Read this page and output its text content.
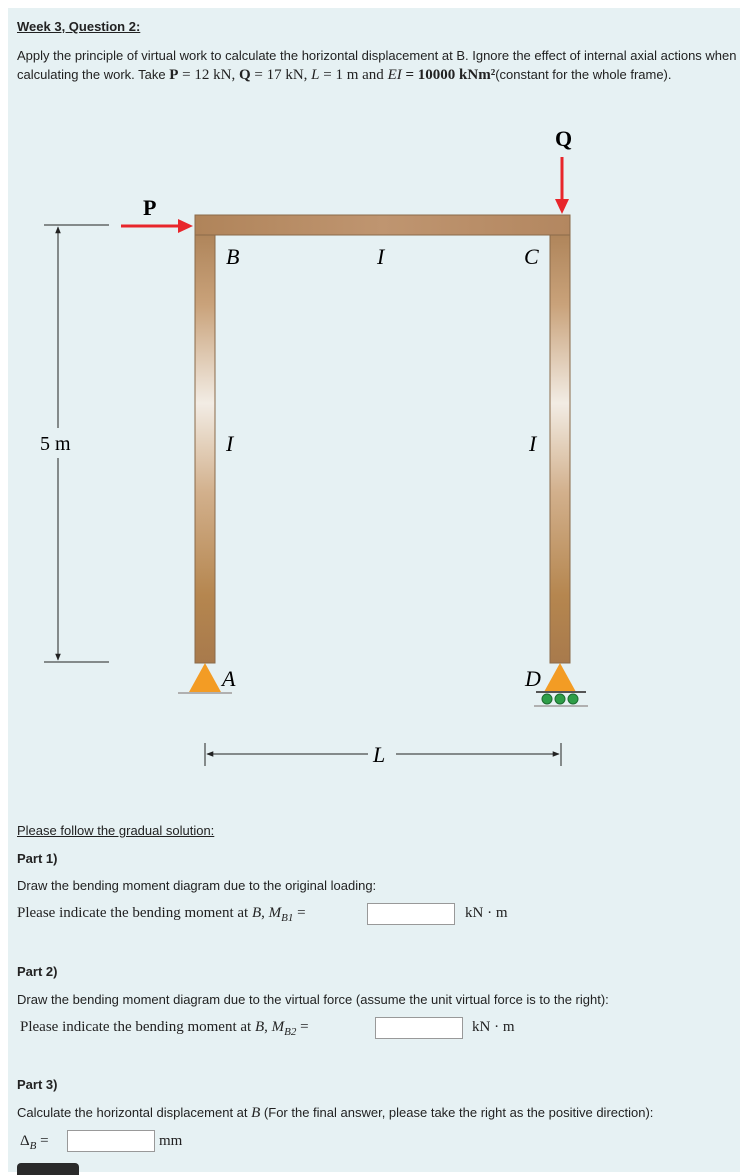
Week 3, Question 2:
Apply the principle of virtual work to calculate the horizontal displacement at B. Ignore the effect of internal axial actions when calculating the work. Take P = 12 kN, Q = 17 kN, L = 1 m and EI = 10000 kNm²(constant for the whole frame).
P
Q
B	I	C
I	I
A	D
5 m
L
Please follow the gradual solution:
Part 1)
Draw the bending moment diagram due to the original loading:
Please indicate the bending moment at B, $M_{B1}$ =	kN · m
Part 2)
Draw the bending moment diagram due to the virtual force (assume the unit virtual force is to the right):
Please indicate the bending moment at B, $M_{B2}$ =	kN · m
Part 3)
Calculate the horizontal displacement at B (For the final answer, please take the right as the positive direction):
$\Delta_B$ =	mm
